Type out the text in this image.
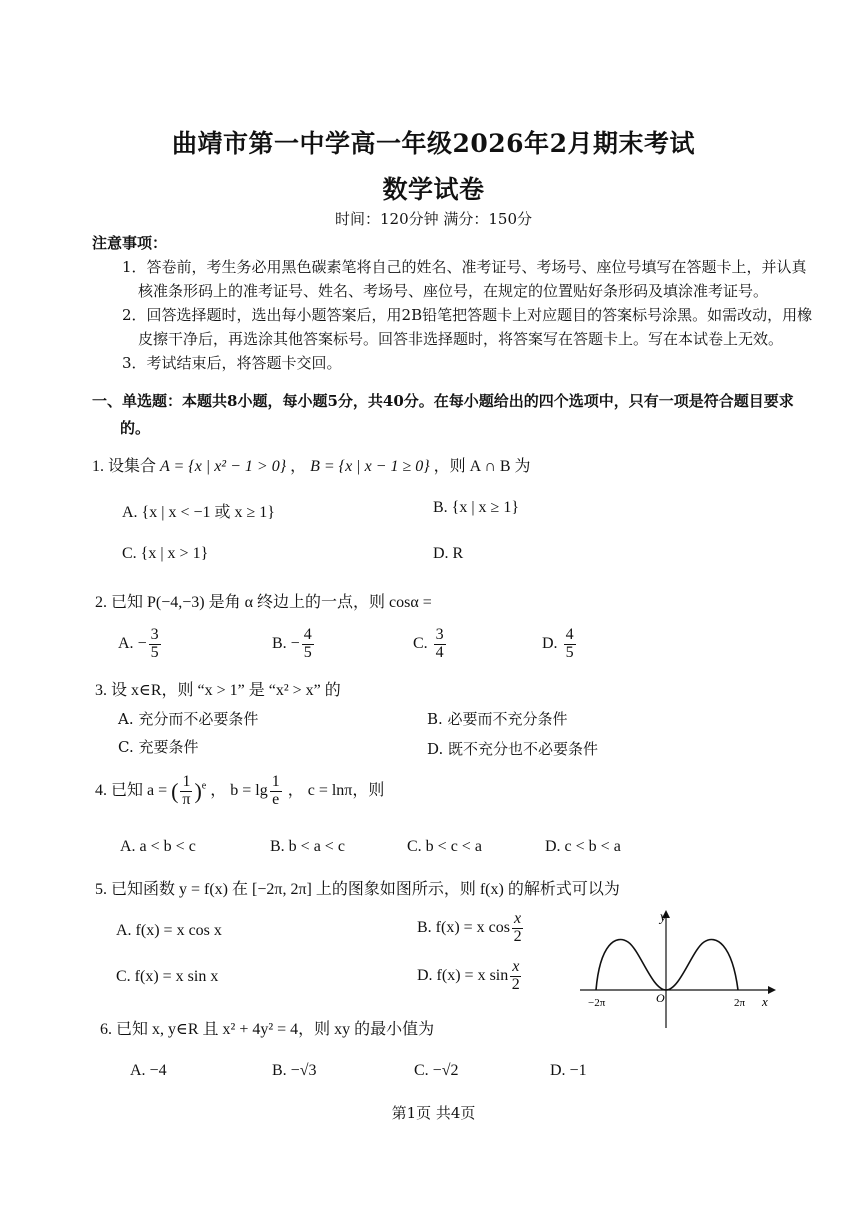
曲靖市第一中学高一年级2026年2月期末考试
数学试卷
时间：120分钟 满分：150分
注意事项：
1．答卷前，考生务必用黑色碳素笔将自己的姓名、准考证号、考场号、座位号填写在答题卡上，并认真
核准条形码上的准考证号、姓名、考场号、座位号，在规定的位置贴好条形码及填涂准考证号。
2．回答选择题时，选出每小题答案后，用2B铅笔把答题卡上对应题目的答案标号涂黑。如需改动，用橡
皮擦干净后，再选涂其他答案标号。回答非选择题时，将答案写在答题卡上。写在本试卷上无效。
3．考试结束后，将答题卡交回。
一、单选题：本题共8小题，每小题5分，共40分。在每小题给出的四个选项中，只有一项是符合题目要求
的。
1. 设集合 A = {x | x² − 1 > 0} ， B = {x | x − 1 ≥ 0} ，则 A ∩ B 为
A. {x | x < −1 或 x ≥ 1}	B. {x | x ≥ 1}
C. {x | x > 1}	D. R
2. 已知 P(−4,−3) 是角 α 终边上的一点，则 cosα =
A. − $\frac{3}{5}$	B. − $\frac{4}{5}$	C. $\frac{3}{4}$	D. $\frac{4}{5}$
3. 设 x∈R，则 “x > 1” 是 “x² > x” 的
A. 充分而不必要条件	B. 必要而不充分条件
C. 充要条件	D. 既不充分也不必要条件
4. 已知 a = ( $\frac{1}{\pi} )^e$ ， $b = \lg \frac{1}{e}$ ， c = lnπ，则
A. a < b < c	B. b < a < c	C. b < c < a	D. c < b < a
5. 已知函数 y = f(x) 在 [−2π, 2π] 上的图象如图所示，则 f(x) 的解析式可以为
A. f(x) = x cos x	B. f(x) = x $\cos \frac{x}{2}$
C. f(x) = x sin x	D. f(x) = x $\sin \frac{x}{2}$
y
x
O
−2π	2π
6. 已知 x, y∈R 且 x² + 4y² = 4，则 xy 的最小值为
A. −4	B. −√3	C. −√2	D. −1
第1页 共4页
